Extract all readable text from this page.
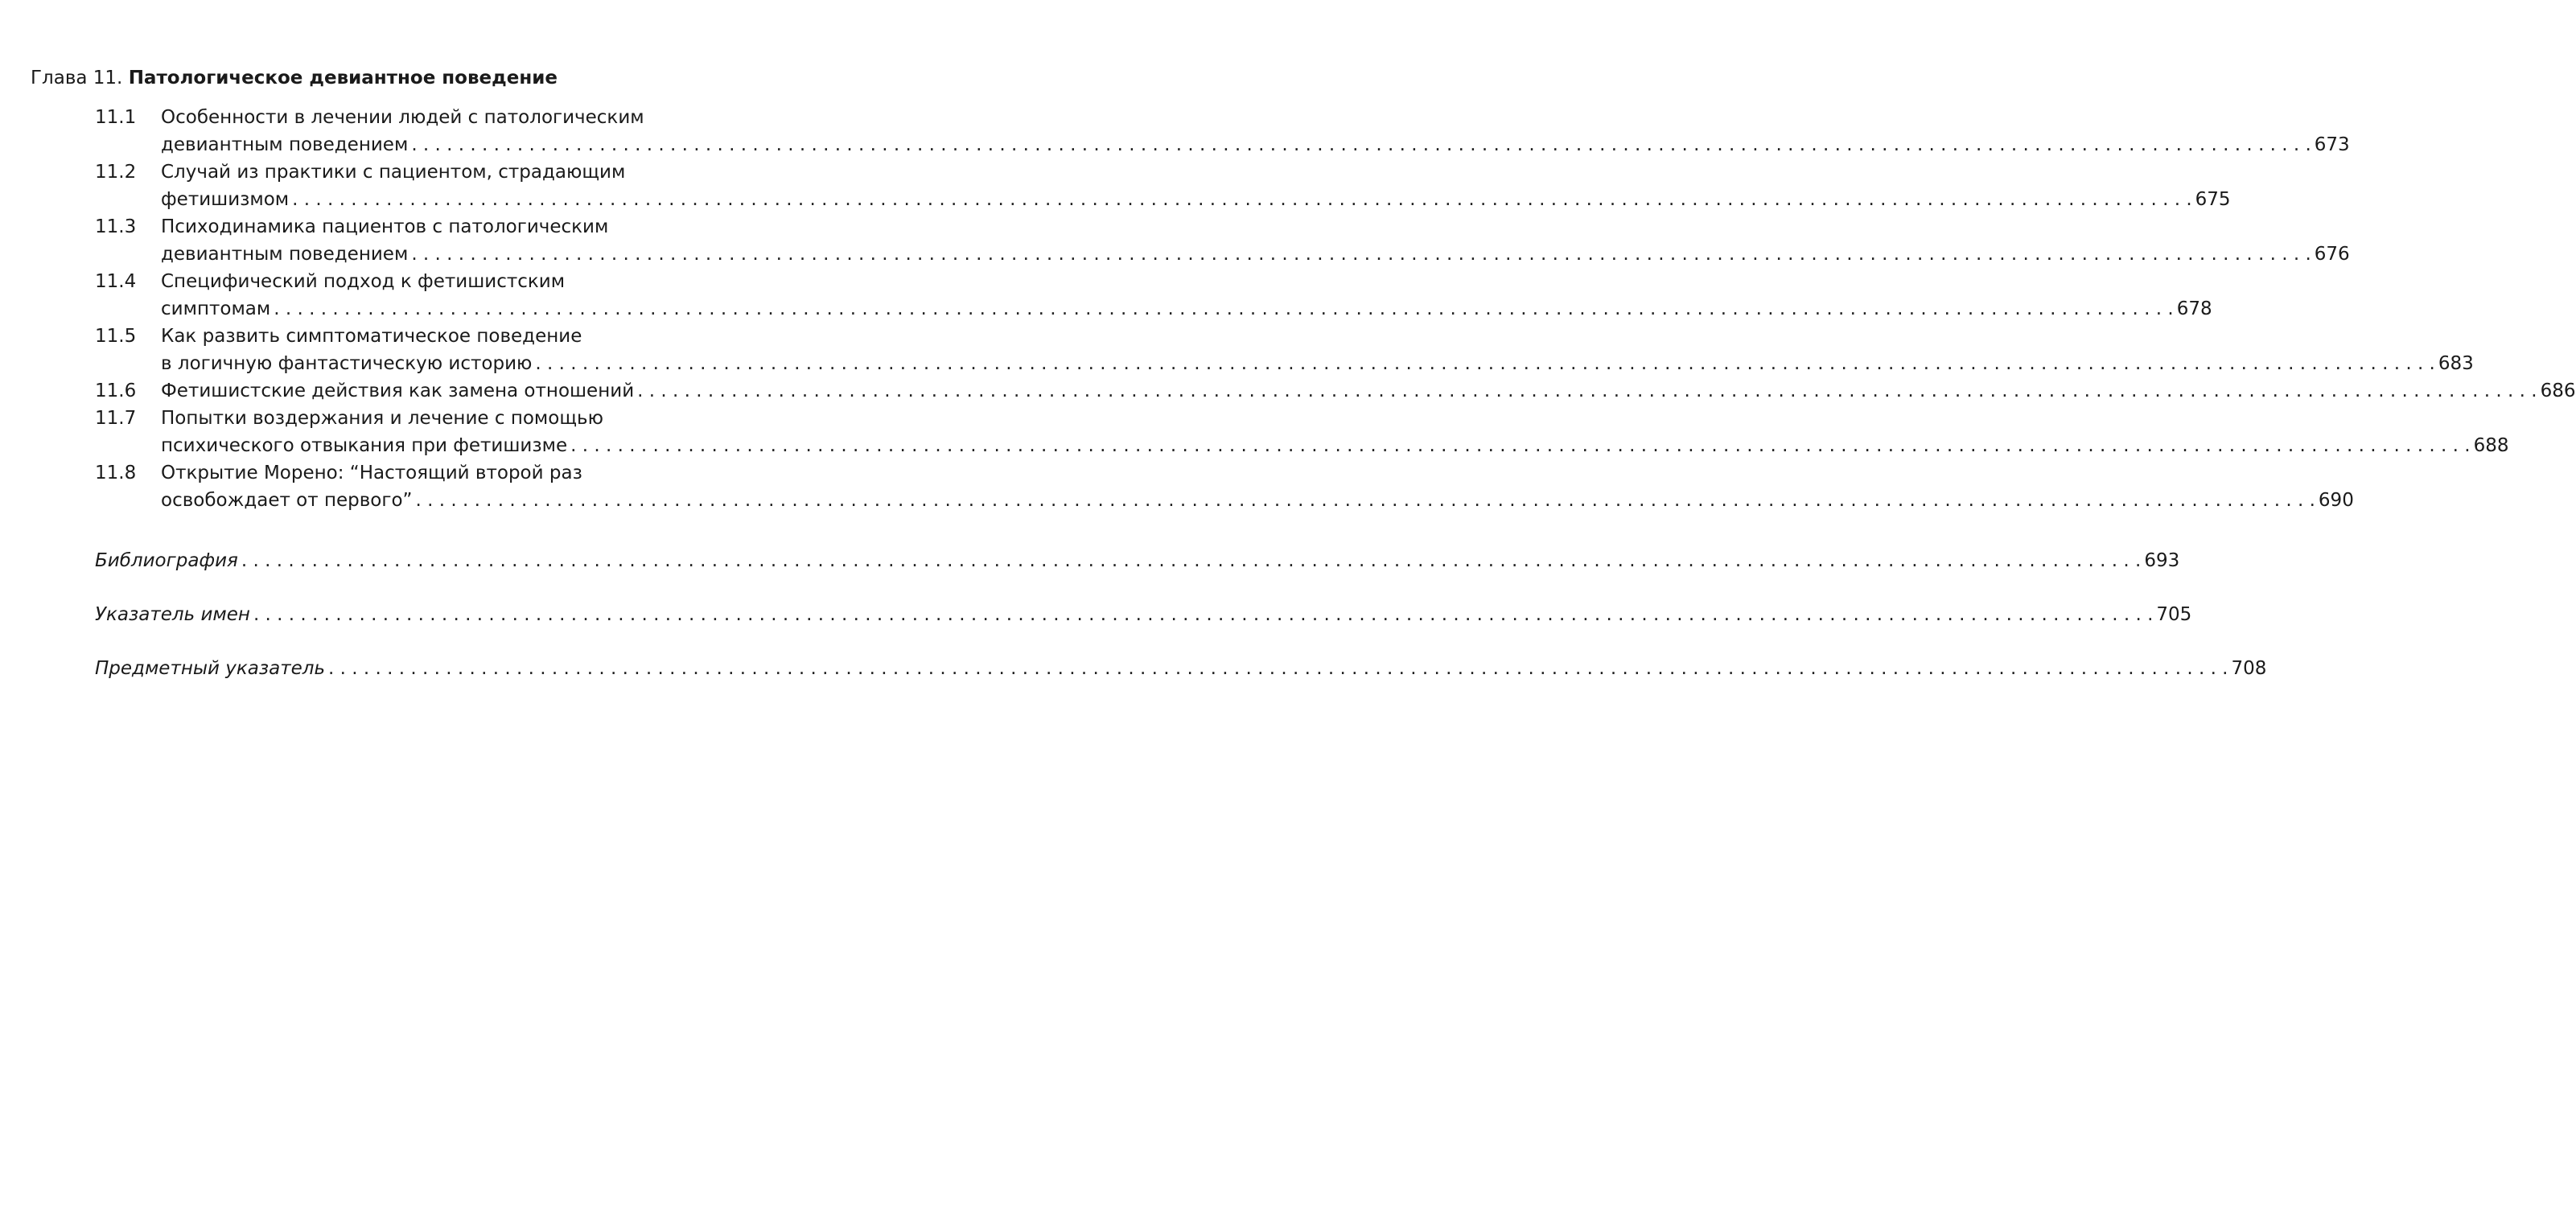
Глава 11. Патологическое девиантное поведение
11.1	Особенности в лечении людей с патологическим
девиантным поведением . . .	673
11.2	Случай из практики с пациентом, страдающим
фетишизмом . . .	675
11.3	Психодинамика пациентов с патологическим
девиантным поведением . . .	676
11.4	Специфический подход к фетишистским
симптомам . . .	678
11.5	Как развить симптоматическое поведение
в логичную фантастическую историю . . .	683
11.6	Фетишистские действия как замена отношений . . .	686
11.7	Попытки воздержания и лечение с помощью
психического отвыкания при фетишизме . . .	688
11.8	Открытие Морено: “Настоящий второй раз
освобождает от первого” . . .	690
Библиография . . .	693
Указатель имен . . .	705
Предметный указатель . . .	708
